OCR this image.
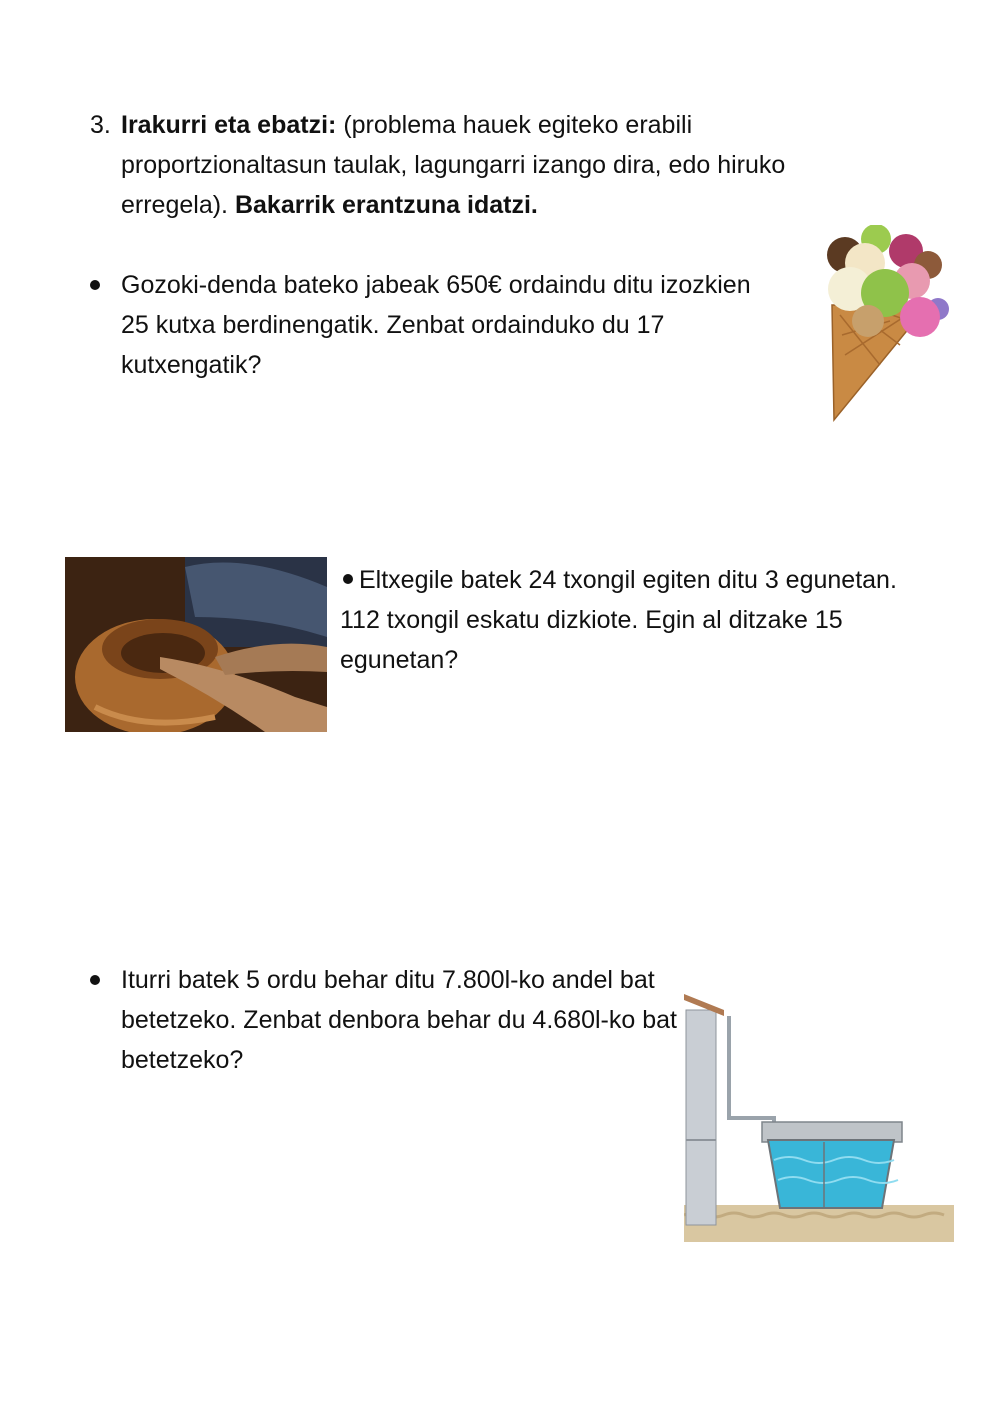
3. Irakurri eta ebatzi: (problema hauek egiteko erabili proportzionaltasun taulak, lagungarri izango dira, edo hiruko erregela). Bakarrik erantzuna idatzi.
Gozoki-denda bateko jabeak 650€ ordaindu ditu izozkien 25 kutxa berdinengatik. Zenbat ordainduko du 17 kutxengatik?
Eltxegile batek 24 txongil egiten ditu 3 egunetan. 112 txongil eskatu dizkiote. Egin al ditzake 15 egunetan?
Iturri batek 5 ordu behar ditu 7.800l-ko andel bat betetzeko. Zenbat denbora behar du 4.680l-ko bat betetzeko?
